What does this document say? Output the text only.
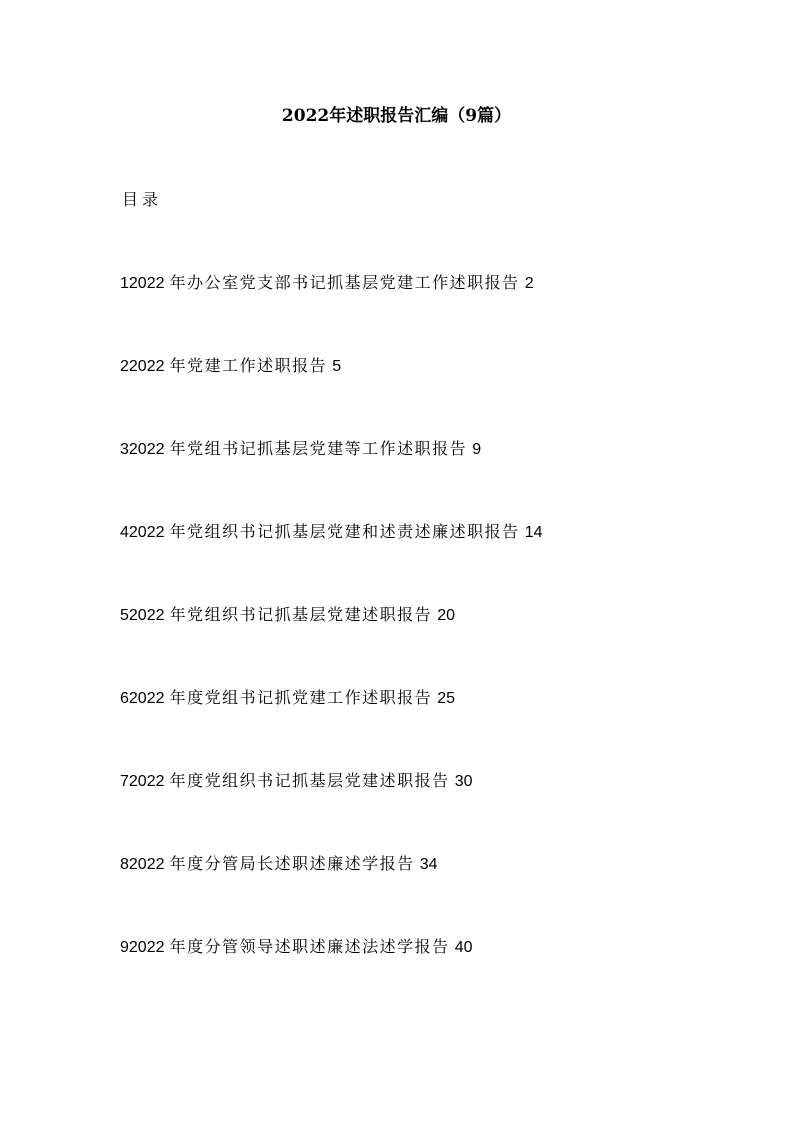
2022年述职报告汇编（9篇）
目录
12022 年办公室党支部书记抓基层党建工作述职报告 2
22022 年党建工作述职报告 5
32022 年党组书记抓基层党建等工作述职报告 9
42022 年党组织书记抓基层党建和述责述廉述职报告 14
52022 年党组织书记抓基层党建述职报告 20
62022 年度党组书记抓党建工作述职报告 25
72022 年度党组织书记抓基层党建述职报告 30
82022 年度分管局长述职述廉述学报告 34
92022 年度分管领导述职述廉述法述学报告 40
